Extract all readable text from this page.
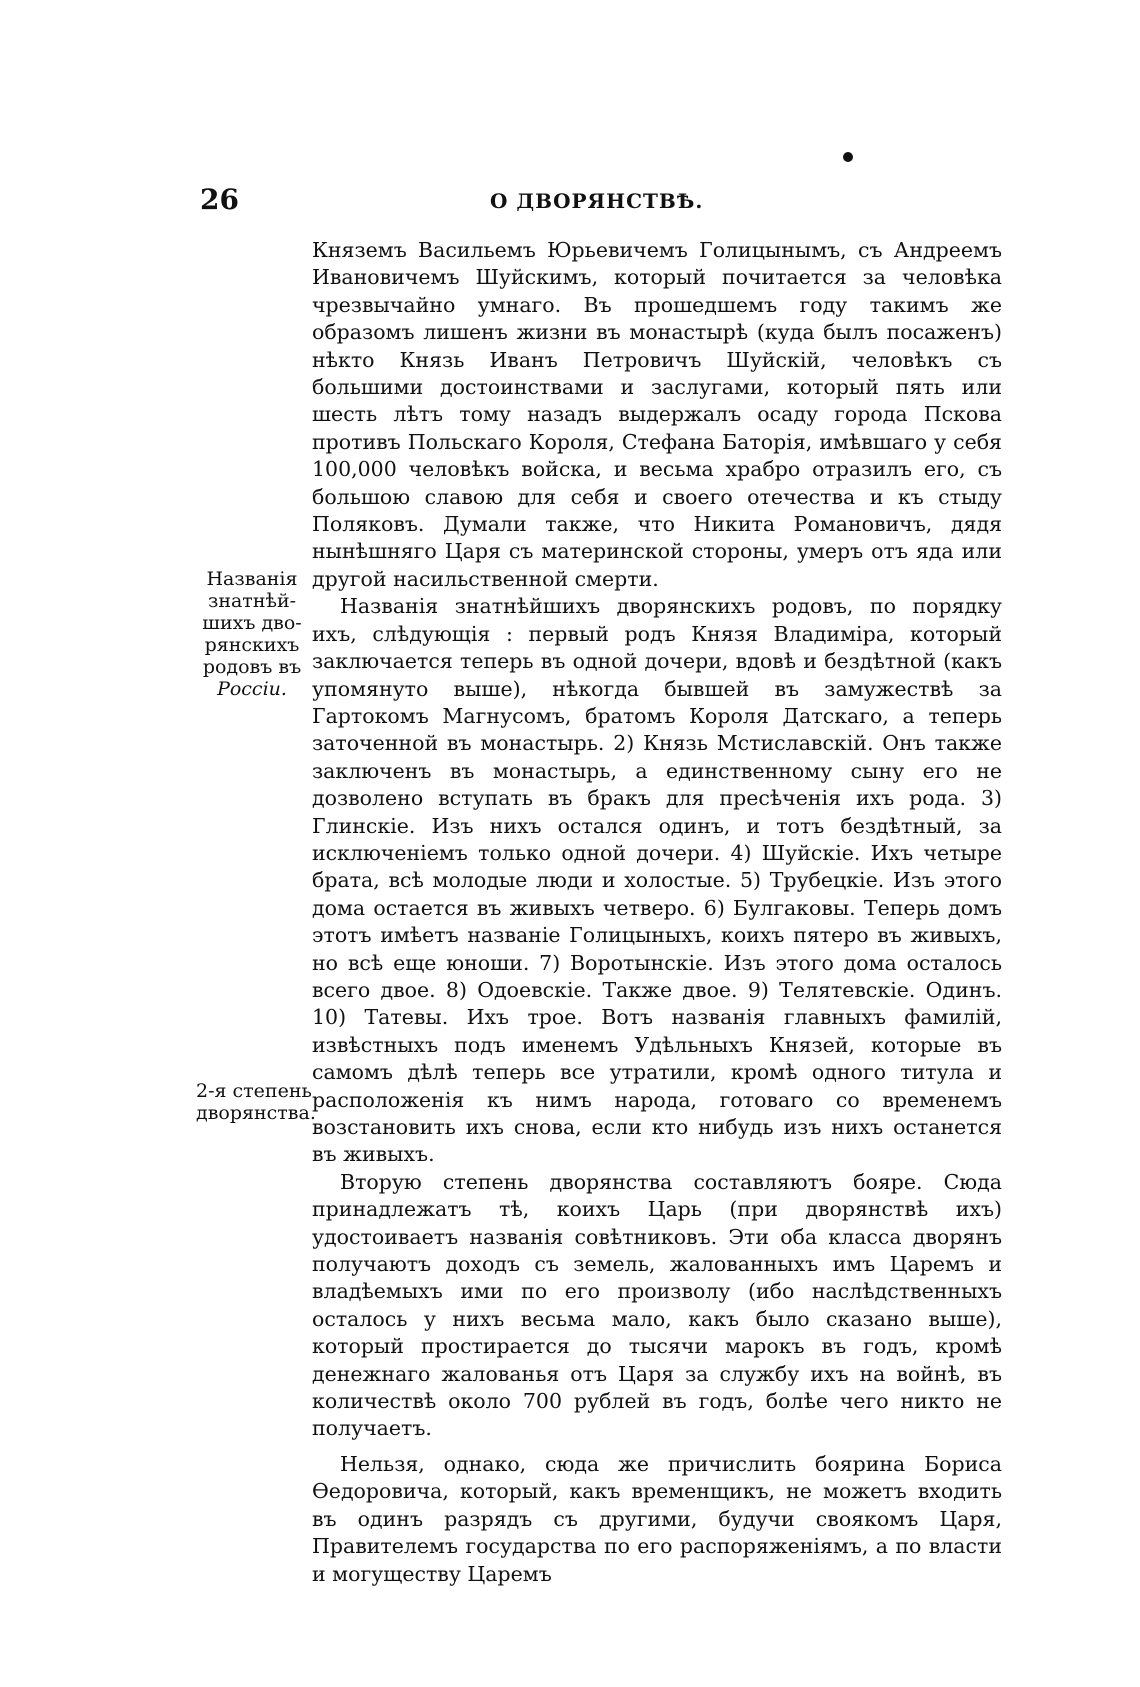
26	О ДВОРЯНСТВѢ.
Названія
знатнѣй-
шихъ дво-
рянскихъ
родовъ въ
Россіи.
2-я степень
дворянства.

Княземъ Васильемъ Юрьевичемъ Голицынымъ, съ Андреемъ Ивановичемъ Шуйскимъ, который почитается за человѣка чрезвычайно умнаго. Въ прошедшемъ году такимъ же образомъ лишенъ жизни въ монастырѣ (куда былъ посаженъ) нѣкто Князь Иванъ Петровичъ Шуйскій, человѣкъ съ большими достоинствами и заслугами, который пять или шесть лѣтъ тому назадъ выдержалъ осаду города Пскова противъ Польскаго Короля, Стефана Баторія, имѣвшаго у себя 100,000 человѣкъ войска, и весьма храбро отразилъ его, съ большою славою для себя и своего отечества и къ стыду Поляковъ. Думали также, что Никита Романовичъ, дядя нынѣшняго Царя съ материнской стороны, умеръ отъ яда или другой насильственной смерти.

Названія знатнѣйшихъ дворянскихъ родовъ, по порядку ихъ, слѣдующія : первый родъ Князя Владиміра, который заключается теперь въ одной дочери, вдовѣ и бездѣтной (какъ упомянуто выше), нѣкогда бывшей въ замужествѣ за Гартокомъ Магнусомъ, братомъ Короля Датскаго, а теперь заточенной въ монастырь. 2) Князь Мстиславскій. Онъ также заключенъ въ монастырь, а единственному сыну его не дозволено вступать въ бракъ для пресѣченія ихъ рода. 3) Глинскіе. Изъ нихъ остался одинъ, и тотъ бездѣтный, за исключеніемъ только одной дочери. 4) Шуйскіе. Ихъ четыре брата, всѣ молодые люди и холостые. 5) Трубецкіе. Изъ этого дома остается въ живыхъ четверо. 6) Булгаковы. Теперь домъ этотъ имѣетъ названіе Голицыныхъ, коихъ пятеро въ живыхъ, но всѣ еще юноши. 7) Воротынскіе. Изъ этого дома осталось всего двое. 8) Одоевскіе. Также двое. 9) Телятевскіе. Одинъ. 10) Татевы. Ихъ трое. Вотъ названія главныхъ фамилій, извѣстныхъ подъ именемъ Удѣльныхъ Князей, которые въ самомъ дѣлѣ теперь все утратили, кромѣ одного титула и расположенія къ нимъ народа, готоваго со временемъ возстановить ихъ снова, если кто нибудь изъ нихъ останется въ живыхъ.

Вторую степень дворянства составляютъ бояре. Сюда принадлежатъ тѣ, коихъ Царь (при дворянствѣ ихъ) удостоиваетъ названія совѣтниковъ. Эти оба класса дворянъ получаютъ доходъ съ земель, жалованныхъ имъ Царемъ и владѣемыхъ ими по его произволу (ибо наслѣдственныхъ осталось у нихъ весьма мало, какъ было сказано выше), который простирается до тысячи марокъ въ годъ, кромѣ денежнаго жалованья отъ Царя за службу ихъ на войнѣ, въ количествѣ около 700 рублей въ годъ, болѣе чего никто не получаетъ.

Нельзя, однако, сюда же причислить боярина Бориса Ѳедоровича, который, какъ временщикъ, не можетъ входить въ одинъ разрядъ съ другими, будучи своякомъ Царя, Правителемъ государства по его распоряженіямъ, а по власти и могуществу Царемъ
